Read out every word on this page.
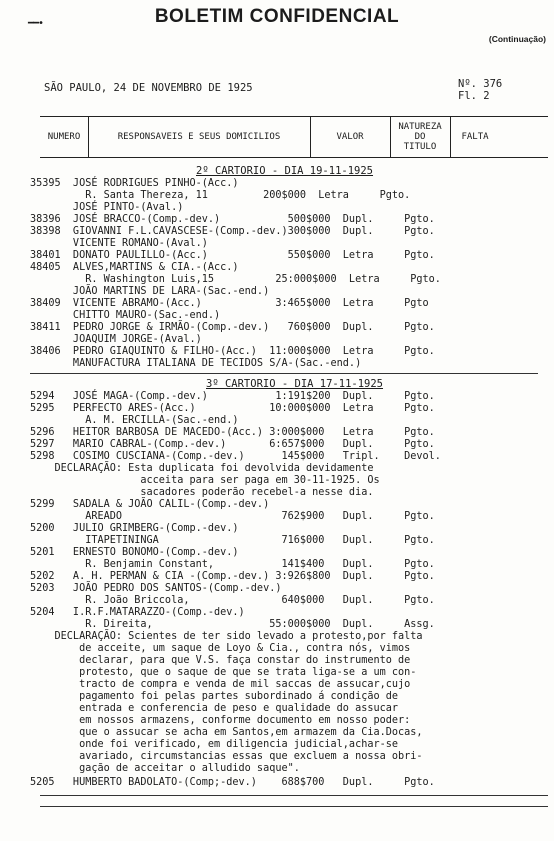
━━•	BOLETIM CONFIDENCIAL
(Continuação)
SÃO PAULO, 24 DE NOVEMBRO DE 1925	Nº. 376
Fl. 2
NUMERO	RESPONSAVEIS E SEUS DOMICILIOS	VALOR
NATUREZA
DO
TITULO
FALTA
2º CARTORIO - DIA 19-11-1925
35395  JOSÉ RODRIGUES PINHO-(Acc.)
R. Santa Thereza, 11         200$000  Letra     Pgto.
JOSÉ PINTO-(Aval.)
38396  JOSÉ BRACCO-(Comp.-dev.)           500$000  Dupl.     Pgto.
38398  GIOVANNI F.L.CAVASCESE-(Comp.-dev.)300$000  Dupl.     Pgto.
VICENTE ROMANO-(Aval.)
38401  DONATO PAULILLO-(Acc.)             550$000  Letra     Pgto.
48405  ALVES,MARTINS & CIA.-(Acc.)
R. Washington Luis,15          25:000$000  Letra     Pgto.
JOÃO MARTINS DE LARA-(Sac.-end.)
38409  VICENTE ABRAMO-(Acc.)            3:465$000  Letra     Pgto
CHITTO MAURO-(Sac.-end.)
38411  PEDRO JORGE & IRMÃO-(Comp.-dev.)   760$000  Dupl.     Pgto.
JOAQUIM JORGE-(Aval.)
38406  PEDRO GIAQUINTO & FILHO-(Acc.)  11:000$000  Letra     Pgto.
MANUFACTURA ITALIANA DE TECIDOS S/A-(Sac.-end.)
3º CARTORIO - DIA 17-11-1925
5294   JOSÉ MAGA-(Comp.-dev.)           1:191$200  Dupl.     Pgto.
5295   PERFECTO ARES-(Acc.)            10:000$000  Letra     Pgto.
A. M. ERCILLA-(Sac.-end.)
5296   HEITOR BARBOSA DE MACEDO-(Acc.) 3:000$000   Letra     Pgto.
5297   MARIO CABRAL-(Comp.-dev.)       6:657$000   Dupl.     Pgto.
5298   COSIMO CUSCIANA-(Comp.-dev.)      145$000   Tripl.    Devol.
DECLARAÇÃO: Esta duplicata foi devolvida devidamente
acceita para ser paga em 30-11-1925. Os
sacadores poderão recebel-a nesse dia.
5299   SADALA & JOÃO CALIL-(Comp.-dev.)
AREADO                          762$900   Dupl.     Pgto.
5200   JULIO GRIMBERG-(Comp.-dev.)
ITAPETININGA                    716$000   Dupl.     Pgto.
5201   ERNESTO BONOMO-(Comp.-dev.)
R. Benjamin Constant,           141$400   Dupl.     Pgto.
5202   A. H. PERMAN & CIA -(Comp.-dev.) 3:926$800  Dupl.     Pgto.
5203   JOÃO PEDRO DOS SANTOS-(Comp.-dev.)
R. João Briccola,               640$000   Dupl.     Pgto.
5204   I.R.F.MATARAZZO-(Comp.-dev.)
R. Direita,                   55:000$000  Dupl.     Assg.
DECLARAÇÃO: Scientes de ter sido levado a protesto,por falta
de acceite, um saque de Loyo & Cia., contra nós, vimos
declarar, para que V.S. faça constar do instrumento de
protesto, que o saque de que se trata liga-se a um con-
tracto de compra e venda de mil saccas de assucar,cujo
pagamento foi pelas partes subordinado á condição de
entrada e conferencia de peso e qualidade do assucar
em nossos armazens, conforme documento em nosso poder:
que o assucar se acha em Santos,em armazem da Cia.Docas,
onde foi verificado, em diligencia judicial,achar-se
avariado, circumstancias essas que excluem a nossa obri-
gação de acceitar o alludido saque".
5205   HUMBERTO BADOLATO-(Comp;-dev.)    688$700   Dupl.     Pgto.
